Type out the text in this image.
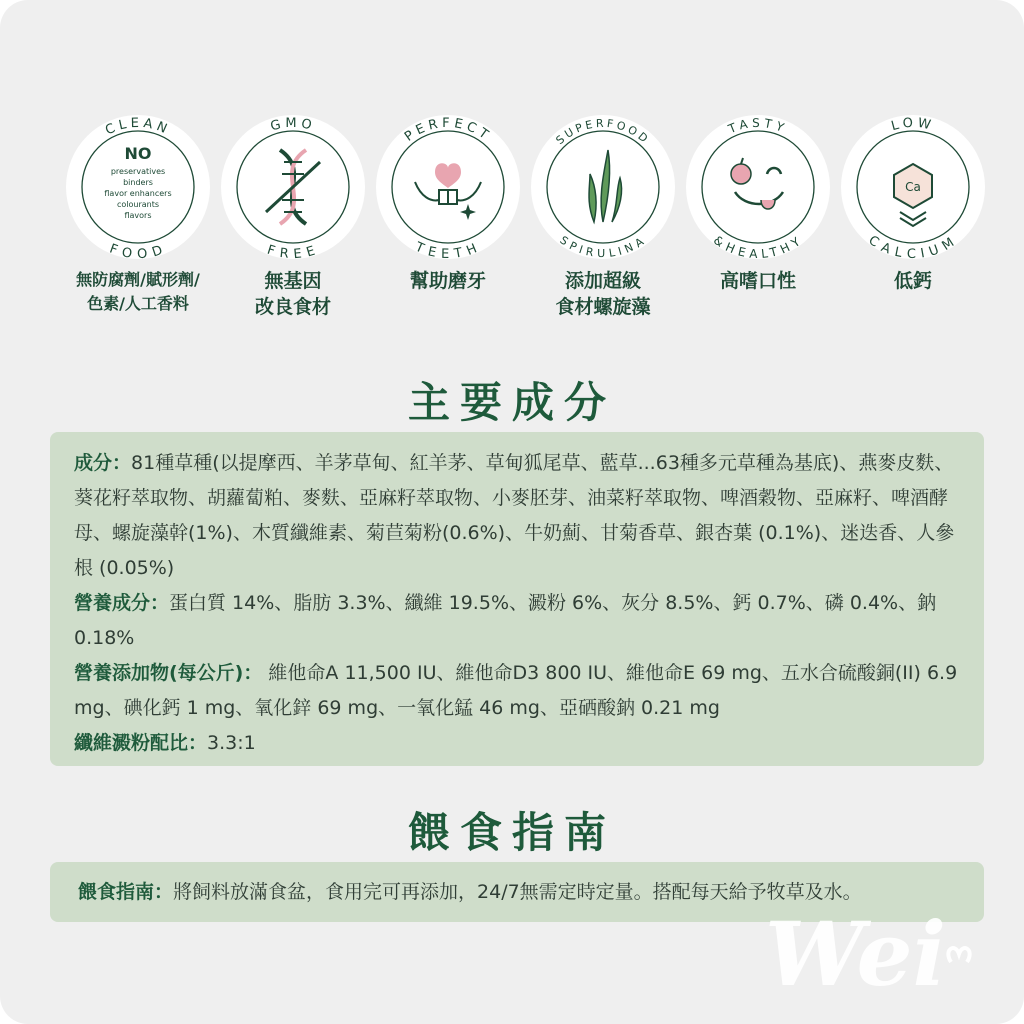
CLEAN
FOOD
NO
preservatives
binders
flavor enhancers
colourants
flavors
無防腐劑/賦形劑/
色素/人工香料
GMO
FREE
無基因
改良食材
PERFECT
TEETH
幫助磨牙
SUPERFOOD
SPIRULINA
添加超級
食材螺旋藻
TASTY
&HEALTHY
高嗜口性
LOW
CALCIUM
Ca
低鈣
主要成分

成分：81種草種(以提摩西、羊茅草甸、紅羊茅、草甸狐尾草、藍草...63種多元草種為基底)、燕麥皮麩、葵花籽萃取物、胡蘿蔔粕、麥麩、亞麻籽萃取物、小麥胚芽、油菜籽萃取物、啤酒穀物、亞麻籽、啤酒酵母、螺旋藻幹(1%)、木質纖維素、菊苣菊粉(0.6%)、牛奶薊、甘菊香草、銀杏葉 (0.1%)、迷迭香、人參根 (0.05%)

營養成分：蛋白質 14%、脂肪 3.3%、纖維 19.5%、澱粉 6%、灰分 8.5%、鈣 0.7%、磷 0.4%、鈉 0.18%

營養添加物(每公斤)： 維他命A 11,500 IU、維他命D3 800 IU、維他命E 69 mg、五水合硫酸銅(II) 6.9 mg、碘化鈣 1 mg、氧化鋅 69 mg、一氧化錳 46 mg、亞硒酸鈉 0.21 mg

纖維澱粉配比：3.3:1

餵食指南
餵食指南：將飼料放滿食盆，食用完可再添加，24/7無需定時定量。搭配每天給予牧草及水。
Wei
